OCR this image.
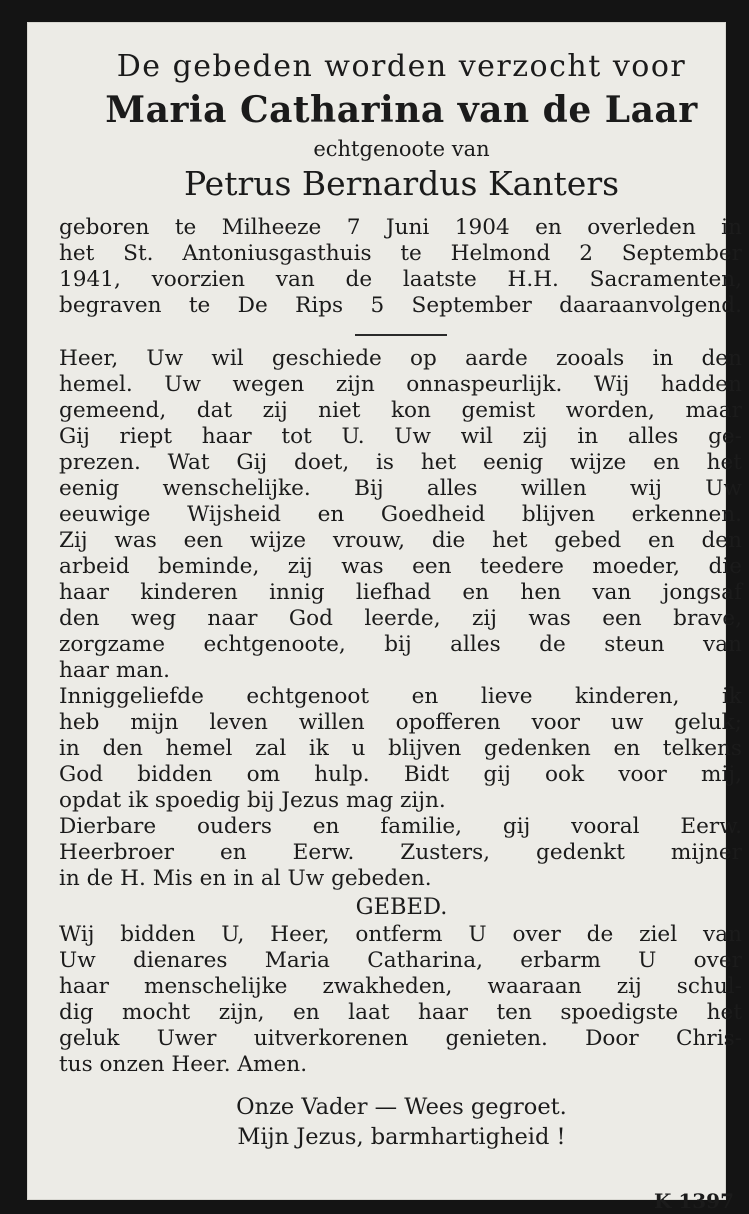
De gebeden worden verzocht voor
Maria Catharina van de Laar
echtgenoote van
Petrus Bernardus Kanters
geboren te Milheeze 7 Juni 1904 en overleden in
het St. Antoniusgasthuis te Helmond 2 September
1941, voorzien van de laatste H.H. Sacramenten,
begraven te De Rips 5 September daaraanvolgend.
Heer, Uw wil geschiede op aarde zooals in den
hemel. Uw wegen zijn onnaspeurlijk. Wij hadden
gemeend, dat zij niet kon gemist worden, maar
Gij riept haar tot U. Uw wil zij in alles ge-
prezen. Wat Gij doet, is het eenig wijze en het
eenig wenschelijke. Bij alles willen wij Uw
eeuwige Wijsheid en Goedheid blijven erkennen.
Zij was een wijze vrouw, die het gebed en den
arbeid beminde, zij was een teedere moeder, die
haar kinderen innig liefhad en hen van jongsaf
den weg naar God leerde, zij was een brave,
zorgzame echtgenoote, bij alles de steun van
haar man.
Inniggeliefde echtgenoot en lieve kinderen, ik
heb mijn leven willen opofferen voor uw geluk;
in den hemel zal ik u blijven gedenken en telkens
God bidden om hulp. Bidt gij ook voor mij,
opdat ik spoedig bij Jezus mag zijn.
Dierbare ouders en familie, gij vooral Eerw.
Heerbroer en Eerw. Zusters, gedenkt mijner
in de H. Mis en in al Uw gebeden.
GEBED.
Wij bidden U, Heer, ontferm U over de ziel van
Uw dienares Maria Catharina, erbarm U over
haar menschelijke zwakheden, waaraan zij schul-
dig mocht zijn, en laat haar ten spoedigste het
geluk Uwer uitverkorenen genieten. Door Chris-
tus onzen Heer. Amen.
Onze Vader — Wees gegroet.
Mijn Jezus, barmhartigheid !
K 1397
